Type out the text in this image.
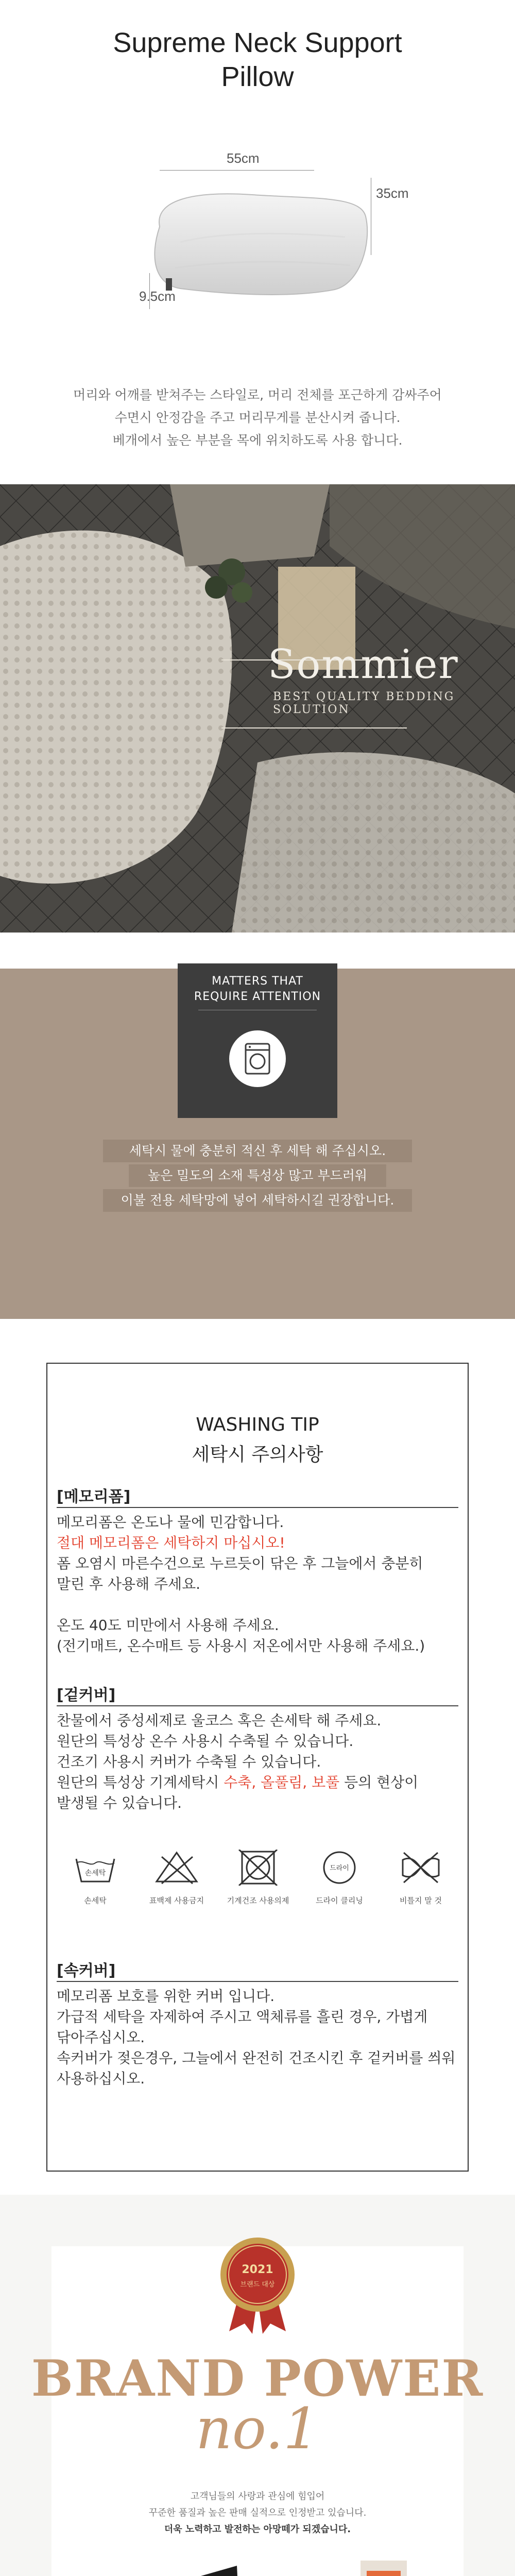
Supreme Neck Support
Pillow
55cm
35cm
9.5cm
머리와 어깨를 받쳐주는 스타일로, 머리 전체를 포근하게 감싸주어
수면시 안정감을 주고 머리무게를 분산시켜 줍니다.
베개에서 높은 부분을 목에 위치하도록 사용 합니다.
Sommier
BEST QUALITY BEDDING SOLUTION
MATTERS THAT
REQUIRE ATTENTION
세탁시 물에 충분히 적신 후 세탁 해 주십시오.
높은 밀도의 소재 특성상 많고 부드러워
이불 전용 세탁망에 넣어 세탁하시길 권장합니다.
WASHING TIP
세탁시 주의사항
[메모리폼]
메모리폼은 온도나 물에 민감합니다.
절대 메모리폼은 세탁하지 마십시오!
폼 오염시 마른수건으로 누르듯이 닦은 후 그늘에서 충분히
말린 후 사용해 주세요.
온도 40도 미만에서 사용해 주세요.
(전기매트, 온수매트 등 사용시 저온에서만 사용해 주세요.)
[겉커버]
찬물에서 중성세제로 울코스 혹은 손세탁 해 주세요.
원단의 특성상 온수 사용시 수축될 수 있습니다.
건조기 사용시 커버가 수축될 수 있습니다.
원단의 특성상 기계세탁시 수축, 올풀림, 보풀 등의 현상이
발생될 수 있습니다.
손세탁
손세탁	표백제 사용금지	기계건조 사용의제
드라이
드라이 클리닝	비틀지 말 것
[속커버]
메모리폼 보호를 위한 커버 입니다.
가급적 세탁을 자제하여 주시고 액체류를 흘린 경우, 가볍게
닦아주십시오.
속커버가 젖은경우, 그늘에서 완전히 건조시킨 후 겉커버를 씌워
사용하십시오.
2021
브랜드 대상
BRAND POWER
no.1
고객님들의 사랑과 관심에 힘입어
꾸준한 품질과 높은 판매 실적으로 인정받고 있습니다.
더욱 노력하고 발전하는 아망떼가 되겠습니다.
